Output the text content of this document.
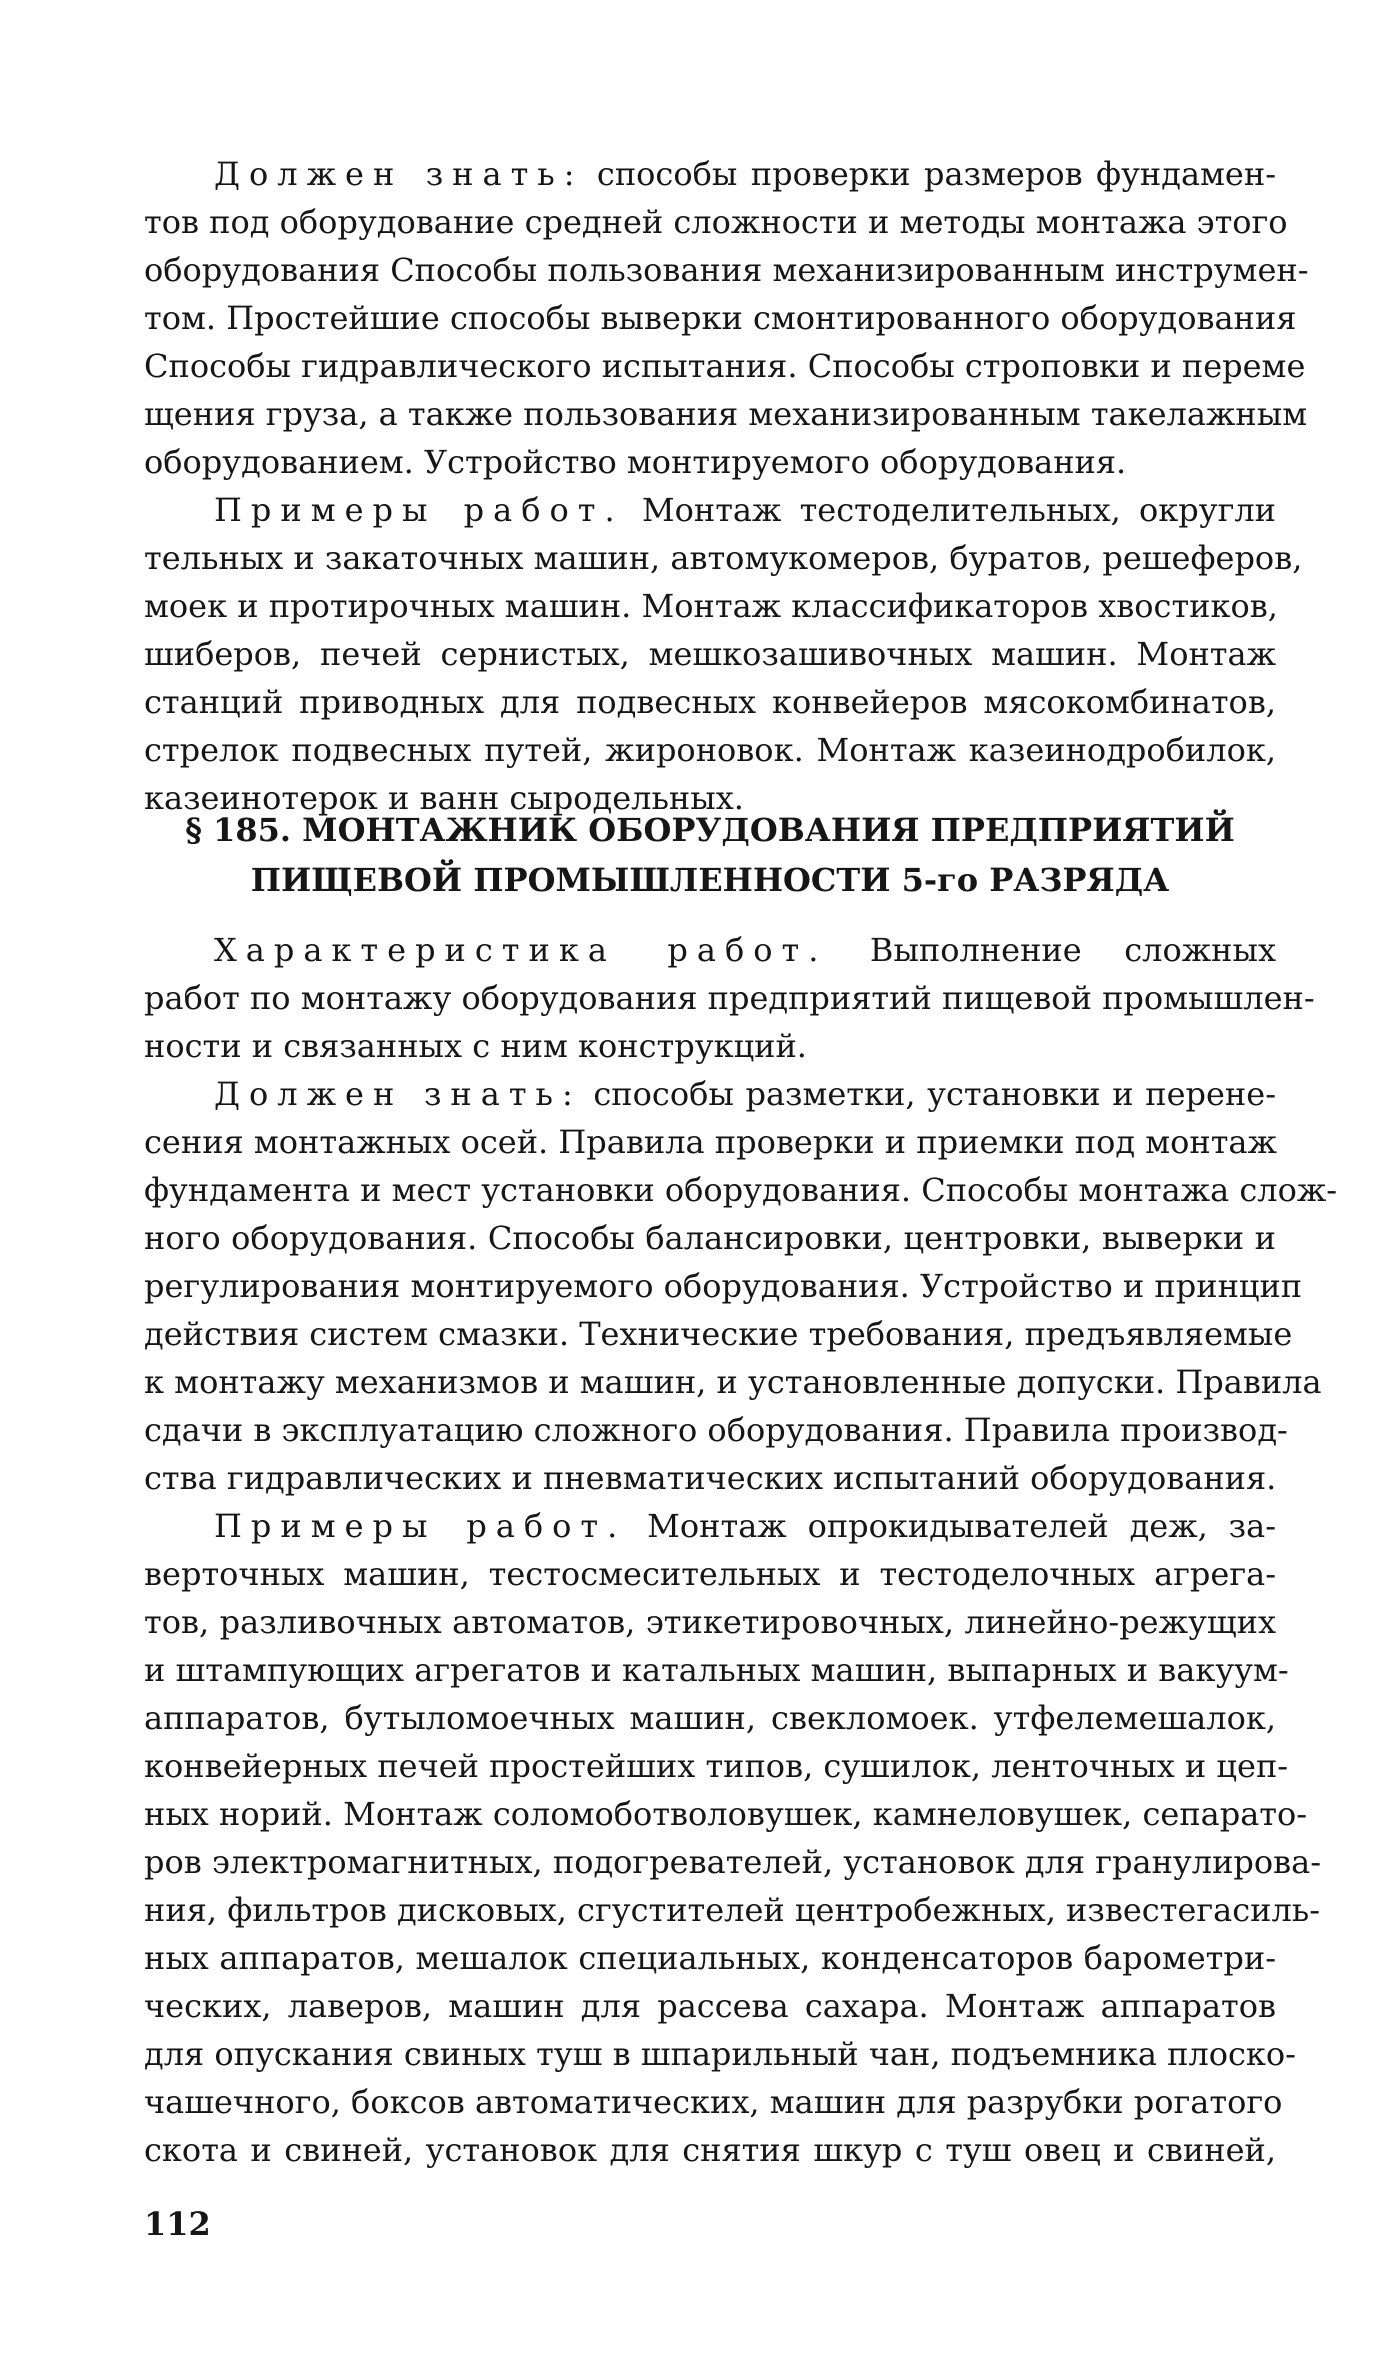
Должен знать: способы проверки размеров фундамен-
тов под оборудование средней сложности и методы монтажа этого
оборудования Способы пользования механизированным инструмен-
том. Простейшие способы выверки смонтированного оборудования
Способы гидравлического испытания. Способы строповки и переме
щения груза, а также пользования механизированным такелажным
оборудованием. Устройство монтируемого оборудования.
Примеры работ. Монтаж тестоделительных, округли
тельных и закаточных машин, автомукомеров, буратов, решеферов,
моек и протирочных машин. Монтаж классификаторов хвостиков,
шиберов, печей сернистых, мешкозашивочных машин. Монтаж
станций приводных для подвесных конвейеров мясокомбинатов,
стрелок подвесных путей, жироновок. Монтаж казеинодробилок,
казеинотерок и ванн сыродельных.
§ 185. МОНТАЖНИК ОБОРУДОВАНИЯ ПРЕДПРИЯТИЙ
ПИЩЕВОЙ ПРОМЫШЛЕННОСТИ 5-го РАЗРЯДА
Характеристика работ. Выполнение сложных
работ по монтажу оборудования предприятий пищевой промышлен-
ности и связанных с ним конструкций.
Должен знать: способы разметки, установки и перене-
сения монтажных осей. Правила проверки и приемки под монтаж
фундамента и мест установки оборудования. Способы монтажа слож-
ного оборудования. Способы балансировки, центровки, выверки и
регулирования монтируемого оборудования. Устройство и принцип
действия систем смазки. Технические требования, предъявляемые
к монтажу механизмов и машин, и установленные допуски. Правила
сдачи в эксплуатацию сложного оборудования. Правила производ-
ства гидравлических и пневматических испытаний оборудования.
Примеры работ. Монтаж опрокидывателей деж, за-
верточных машин, тестосмесительных и тестоделочных агрега-
тов, разливочных автоматов, этикетировочных, линейно-режущих
и штампующих агрегатов и катальных машин, выпарных и вакуум-
аппаратов, бутыломоечных машин, свекломоек. утфелемешалок,
конвейерных печей простейших типов, сушилок, ленточных и цеп-
ных норий. Монтаж соломоботволовушек, камнеловушек, сепарато-
ров электромагнитных, подогревателей, установок для гранулирова-
ния, фильтров дисковых, сгустителей центробежных, известегасиль-
ных аппаратов, мешалок специальных, конденсаторов барометри-
ческих, лаверов, машин для рассева сахара. Монтаж аппаратов
для опускания свиных туш в шпарильный чан, подъемника плоско-
чашечного, боксов автоматических, машин для разрубки рогатого
скота и свиней, установок для снятия шкур с туш овец и свиней,
112
